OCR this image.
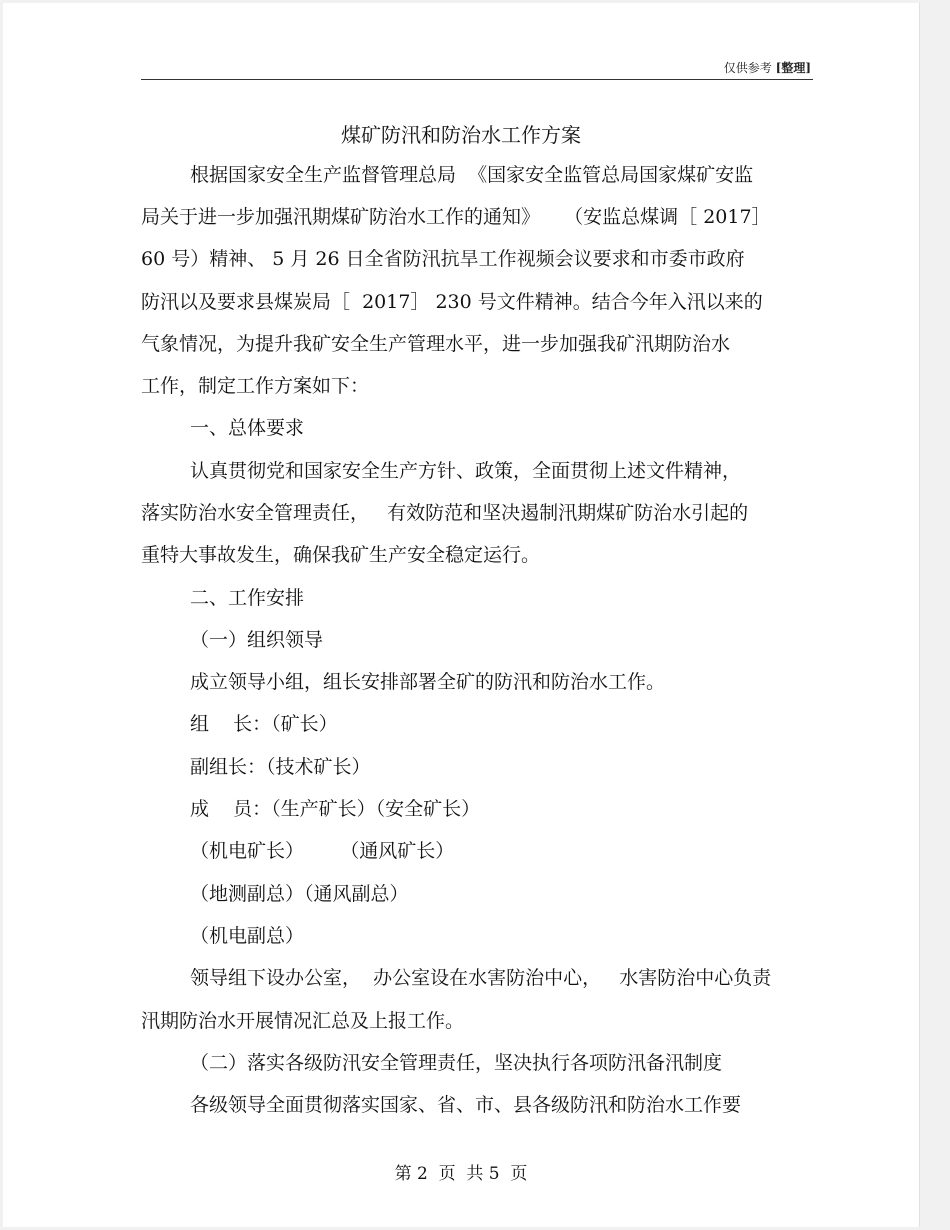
仅供参考 [整理]
煤矿防汛和防治水工作方案
根据国家安全生产监督管理总局  《国家安全监管总局国家煤矿安监
局关于进一步加强汛期煤矿防治水工作的通知》    （安监总煤调［ 2017］
60 号）精神、 5 月 26 日全省防汛抗旱工作视频会议要求和市委市政府
防汛以及要求县煤炭局［  2017］ 230 号文件精神。结合今年入汛以来的
气象情况，为提升我矿安全生产管理水平，进一步加强我矿汛期防治水
工作，制定工作方案如下：
一、总体要求
认真贯彻党和国家安全生产方针、政策，全面贯彻上述文件精神，
落实防治水安全管理责任，   有效防范和坚决遏制汛期煤矿防治水引起的
重特大事故发生，确保我矿生产安全稳定运行。
二、工作安排
（一）组织领导
成立领导小组，组长安排部署全矿的防汛和防治水工作。
组    长：（矿长）
副组长：（技术矿长）
成    员：（生产矿长）（安全矿长）
（机电矿长）      （通风矿长）
（地测副总）（通风副总）
（机电副总）
领导组下设办公室，  办公室设在水害防治中心，   水害防治中心负责
汛期防治水开展情况汇总及上报工作。
（二）落实各级防汛安全管理责任，坚决执行各项防汛备汛制度
各级领导全面贯彻落实国家、省、市、县各级防汛和防治水工作要
第 2  页  共 5  页
